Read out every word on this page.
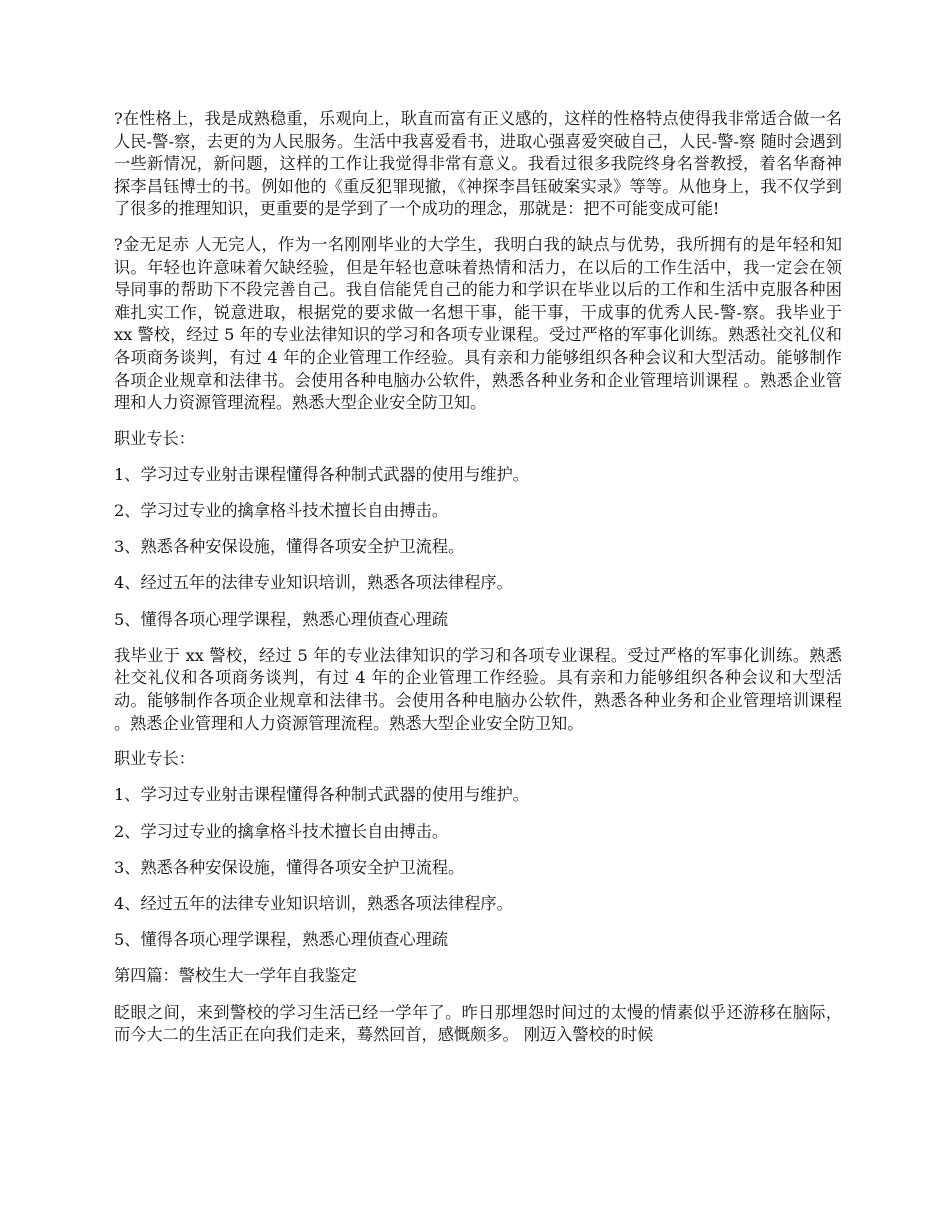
?在性格上，我是成熟稳重，乐观向上，耿直而富有正义感的，这样的性格特点使得我非常适合做一名人民-警-察，去更的为人民服务。生活中我喜爱看书，进取心强喜爱突破自己，人民-警-察 随时会遇到一些新情况，新问题，这样的工作让我觉得非常有意义。我看过很多我院终身名誉教授，着名华裔神探李昌钰博士的书。例如他的《重反犯罪现撤，《神探李昌钰破案实录》等等。从他身上，我不仅学到了很多的推理知识，更重要的是学到了一个成功的理念，那就是：把不可能变成可能!

?金无足赤 人无完人，作为一名刚刚毕业的大学生，我明白我的缺点与优势，我所拥有的是年轻和知识。年轻也许意味着欠缺经验，但是年轻也意味着热情和活力，在以后的工作生活中，我一定会在领导同事的帮助下不段完善自己。我自信能凭自己的能力和学识在毕业以后的工作和生活中克服各种困难扎实工作，锐意进取，根据党的要求做一名想干事，能干事，干成事的优秀人民-警-察。我毕业于 xx 警校，经过 5 年的专业法律知识的学习和各项专业课程。受过严格的军事化训练。熟悉社交礼仪和各项商务谈判，有过 4 年的企业管理工作经验。具有亲和力能够组织各种会议和大型活动。能够制作各项企业规章和法律书。会使用各种电脑办公软件，熟悉各种业务和企业管理培训课程 。熟悉企业管理和人力资源管理流程。熟悉大型企业安全防卫知。

职业专长：

1、学习过专业射击课程懂得各种制式武器的使用与维护。

2、学习过专业的擒拿格斗技术擅长自由搏击。

3、熟悉各种安保设施，懂得各项安全护卫流程。

4、经过五年的法律专业知识培训，熟悉各项法律程序。

5、懂得各项心理学课程，熟悉心理侦查心理疏

我毕业于 xx 警校，经过 5 年的专业法律知识的学习和各项专业课程。受过严格的军事化训练。熟悉社交礼仪和各项商务谈判，有过 4 年的企业管理工作经验。具有亲和力能够组织各种会议和大型活动。能够制作各项企业规章和法律书。会使用各种电脑办公软件，熟悉各种业务和企业管理培训课程 。熟悉企业管理和人力资源管理流程。熟悉大型企业安全防卫知。

职业专长：

1、学习过专业射击课程懂得各种制式武器的使用与维护。

2、学习过专业的擒拿格斗技术擅长自由搏击。

3、熟悉各种安保设施，懂得各项安全护卫流程。

4、经过五年的法律专业知识培训，熟悉各项法律程序。

5、懂得各项心理学课程，熟悉心理侦查心理疏

第四篇：警校生大一学年自我鉴定

眨眼之间，来到警校的学习生活已经一学年了。昨日那埋怨时间过的太慢的情素似乎还游移在脑际，而今大二的生活正在向我们走来，蓦然回首，感慨颇多。 刚迈入警校的时候
